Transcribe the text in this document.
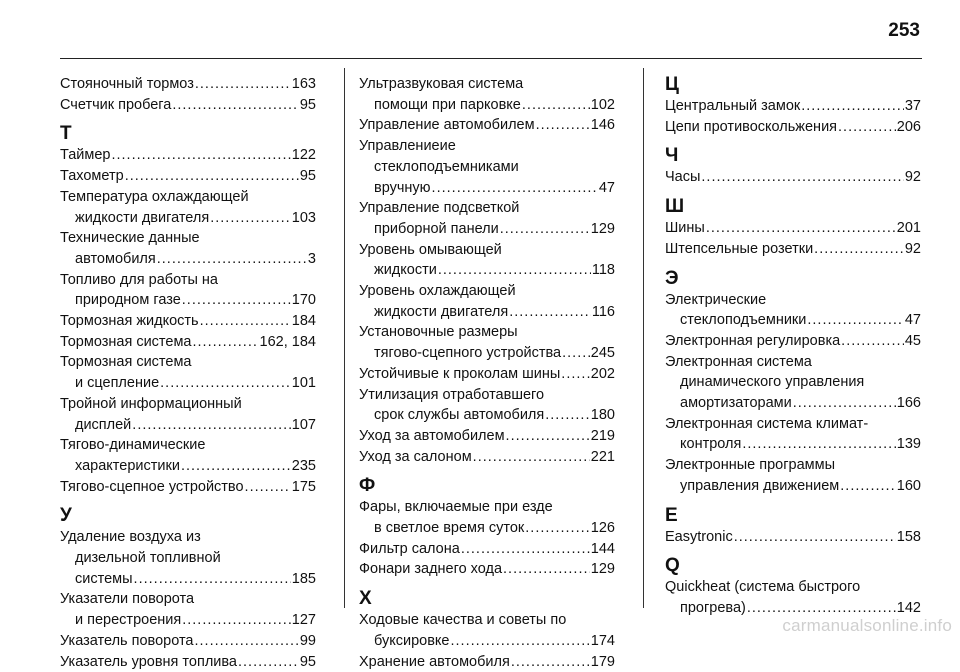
253
Стояночный тормоз .....	163
Счетчик пробега .....	95
Т
Таймер .....	122
Тахометр .....	95
Температура охлаждающей
жидкости двигателя .....	103
Технические данные
автомобиля .....	3
Топливо для работы на
природном газе .....	170
Тормозная жидкость .....	184
Тормозная система .....	162, 184
Тормозная система
и сцепление .....	101
Тройной информационный
дисплей .....	107
Тягово-динамические
характеристики .....	235
Тягово-сцепное устройство .....	175
У
Удаление воздуха из
дизельной топливной
системы .....	185
Указатели поворота
и перестроения .....	127
Указатель поворота .....	99
Указатель уровня топлива .....	95
Ультразвуковая система
помощи при парковке .....	102
Управление автомобилем .....	146
Управлениеие
стеклоподъемниками
вручную .....	47
Управление подсветкой
приборной панели .....	129
Уровень омывающей
жидкости .....	118
Уровень охлаждающей
жидкости двигателя .....	116
Установочные размеры
тягово-сцепного устройства ..... 245
Устойчивые к проколам шины ..... 202
Утилизация отработавшего
срок службы автомобиля .....	180
Уход за автомобилем .....	219
Уход за салоном .....	221
Ф
Фары, включаемые при езде
в светлое время суток .....	126
Фильтр салона .....	144
Фонари заднего хода .....	129
Х
Ходовые качества и советы по
буксировке .....	174
Хранение автомобиля .....	179
Ц
Центральный замок .....	37
Цепи противоскольжения .....	206
Ч
Часы .....	92
Ш
Шины .....	201
Штепсельные розетки .....	92
Э
Электрические
стеклоподъемники .....	47
Электронная регулировка .....	45
Электронная система
динамического управления
амортизаторами .....	166
Электронная система климат-
контроля .....	139
Электронные программы
управления движением .....	160
E
Easytronic .....	158
Q
Quickheat (система быстрого
прогрева) .....	142
carmanualsonline.info
